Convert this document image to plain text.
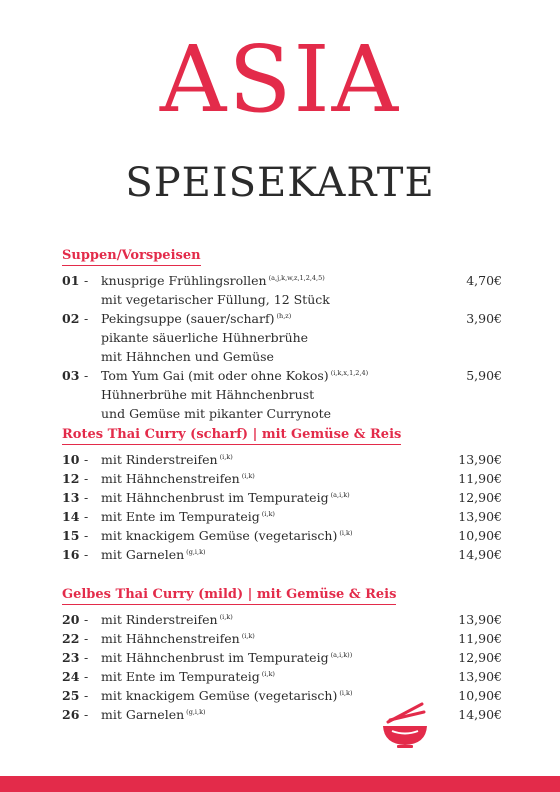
ASIA
SPEISEKARTE
Suppen/Vorspeisen
01 -	knusprige Frühlingsrollen $^{(a,j,k,w,z,1,2,4,5)}$
mit vegetarischer Füllung, 12 Stück
4,70€
02 -	Pekingsuppe (sauer/scharf) $^{(h,z)}$
pikante säuerliche Hühnerbrühe
mit Hähnchen und Gemüse
3,90€
03 -	Tom Yum Gai (mit oder ohne Kokos) $^{(i,k,x,1,2,4)}$
Hühnerbrühe mit Hähnchenbrust
und Gemüse mit pikanter Currynote
5,90€
Rotes Thai Curry (scharf) | mit Gemüse & Reis
10 -	mit Rinderstreifen $^{(i,k)}$	13,90€
12 -	mit Hähnchenstreifen $^{(i,k)}$	11,90€
13 -	mit Hähnchenbrust im Tempurateig $^{(a,i,k)}$	12,90€
14 -	mit Ente im Tempurateig $^{(i,k)}$	13,90€
15 -	mit knackigem Gemüse (vegetarisch) $^{(i,k)}$	10,90€
16 -	mit Garnelen $^{(g,i,k)}$	14,90€
Gelbes Thai Curry (mild) | mit Gemüse & Reis
20 -	mit Rinderstreifen $^{(i,k)}$	13,90€
22 -	mit Hähnchenstreifen $^{(i,k)}$	11,90€
23 -	mit Hähnchenbrust im Tempurateig $^{(a,i,k))}$	12,90€
24 -	mit Ente im Tempurateig $^{(i,k)}$	13,90€
25 -	mit knackigem Gemüse (vegetarisch) $^{(i,k)}$	10,90€
26 -	mit Garnelen $^{(g,i,k)}$	14,90€
